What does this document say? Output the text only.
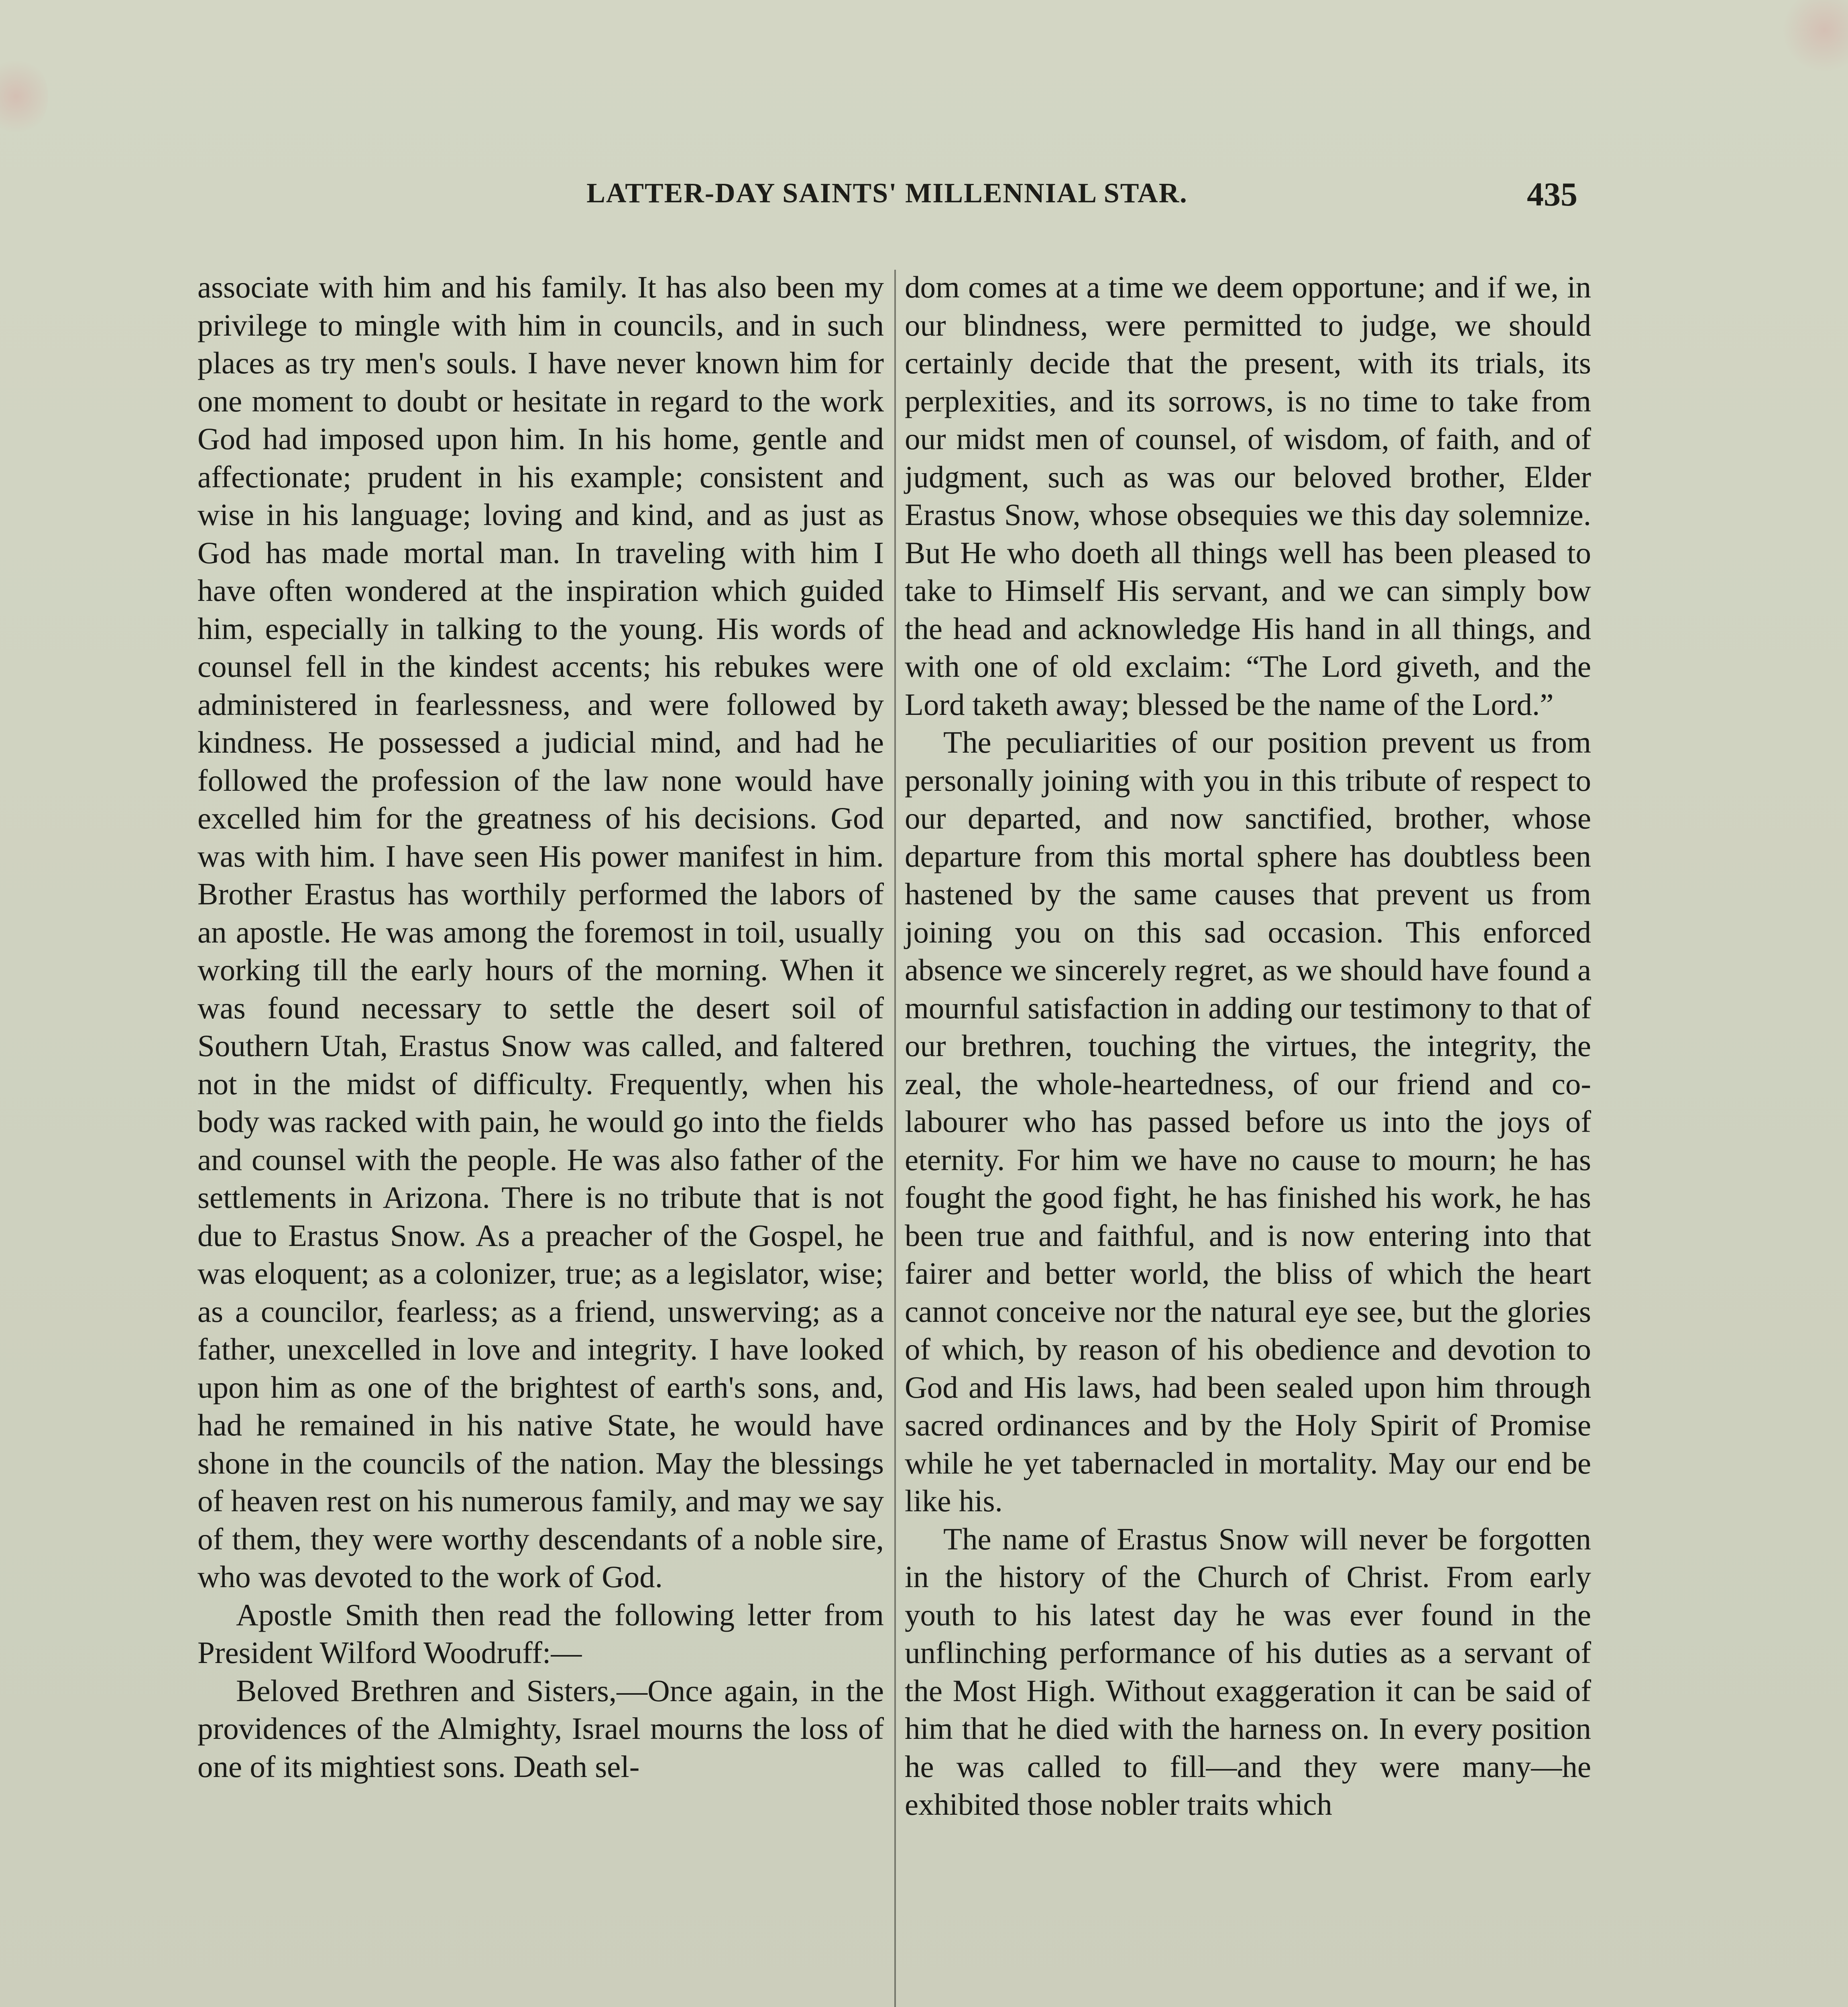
LATTER-DAY SAINTS' MILLENNIAL STAR.	435

associate with him and his family. It has also been my privilege to mingle with him in councils, and in such places as try men's souls. I have never known him for one moment to doubt or hesitate in regard to the work God had imposed upon him. In his home, gentle and affectionate; prudent in his example; consistent and wise in his language; loving and kind, and as just as God has made mortal man. In traveling with him I have often wondered at the inspiration which guided him, especially in talking to the young. His words of counsel fell in the kindest accents; his rebukes were administered in fearlessness, and were followed by kindness. He possessed a judicial mind, and had he followed the profession of the law none would have excelled him for the greatness of his decisions. God was with him. I have seen His power manifest in him. Brother Erastus has worthily performed the labors of an apostle. He was among the foremost in toil, usually working till the early hours of the morning. When it was found necessary to settle the desert soil of Southern Utah, Erastus Snow was called, and faltered not in the midst of difficulty. Frequently, when his body was racked with pain, he would go into the fields and counsel with the people. He was also father of the settlements in Arizona. There is no tribute that is not due to Erastus Snow. As a preacher of the Gospel, he was eloquent; as a colonizer, true; as a legislator, wise; as a councilor, fearless; as a friend, unswerving; as a father, unexcelled in love and integrity. I have looked upon him as one of the brightest of earth's sons, and, had he remained in his native State, he would have shone in the councils of the nation. May the blessings of heaven rest on his numerous family, and may we say of them, they were worthy descendants of a noble sire, who was devoted to the work of God.

Apostle Smith then read the following letter from President Wilford Woodruff:—

Beloved Brethren and Sisters,—Once again, in the providences of the Almighty, Israel mourns the loss of one of its mightiest sons. Death sel-

dom comes at a time we deem opportune; and if we, in our blindness, were permitted to judge, we should certainly decide that the present, with its trials, its perplexities, and its sorrows, is no time to take from our midst men of counsel, of wisdom, of faith, and of judgment, such as was our beloved brother, Elder Erastus Snow, whose obsequies we this day solemnize. But He who doeth all things well has been pleased to take to Himself His servant, and we can simply bow the head and acknowledge His hand in all things, and with one of old exclaim: “The Lord giveth, and the Lord taketh away; blessed be the name of the Lord.”

The peculiarities of our position prevent us from personally joining with you in this tribute of respect to our departed, and now sanctified, brother, whose departure from this mortal sphere has doubtless been hastened by the same causes that prevent us from joining you on this sad occasion. This enforced absence we sincerely regret, as we should have found a mournful satisfaction in adding our testimony to that of our brethren, touching the virtues, the integrity, the zeal, the whole-heartedness, of our friend and co-labourer who has passed before us into the joys of eternity. For him we have no cause to mourn; he has fought the good fight, he has finished his work, he has been true and faithful, and is now entering into that fairer and better world, the bliss of which the heart cannot conceive nor the natural eye see, but the glories of which, by reason of his obedience and devotion to God and His laws, had been sealed upon him through sacred ordinances and by the Holy Spirit of Promise while he yet tabernacled in mortality. May our end be like his.

The name of Erastus Snow will never be forgotten in the history of the Church of Christ. From early youth to his latest day he was ever found in the unflinching performance of his duties as a servant of the Most High. Without exaggeration it can be said of him that he died with the harness on. In every position he was called to fill—and they were many—he exhibited those nobler traits which
